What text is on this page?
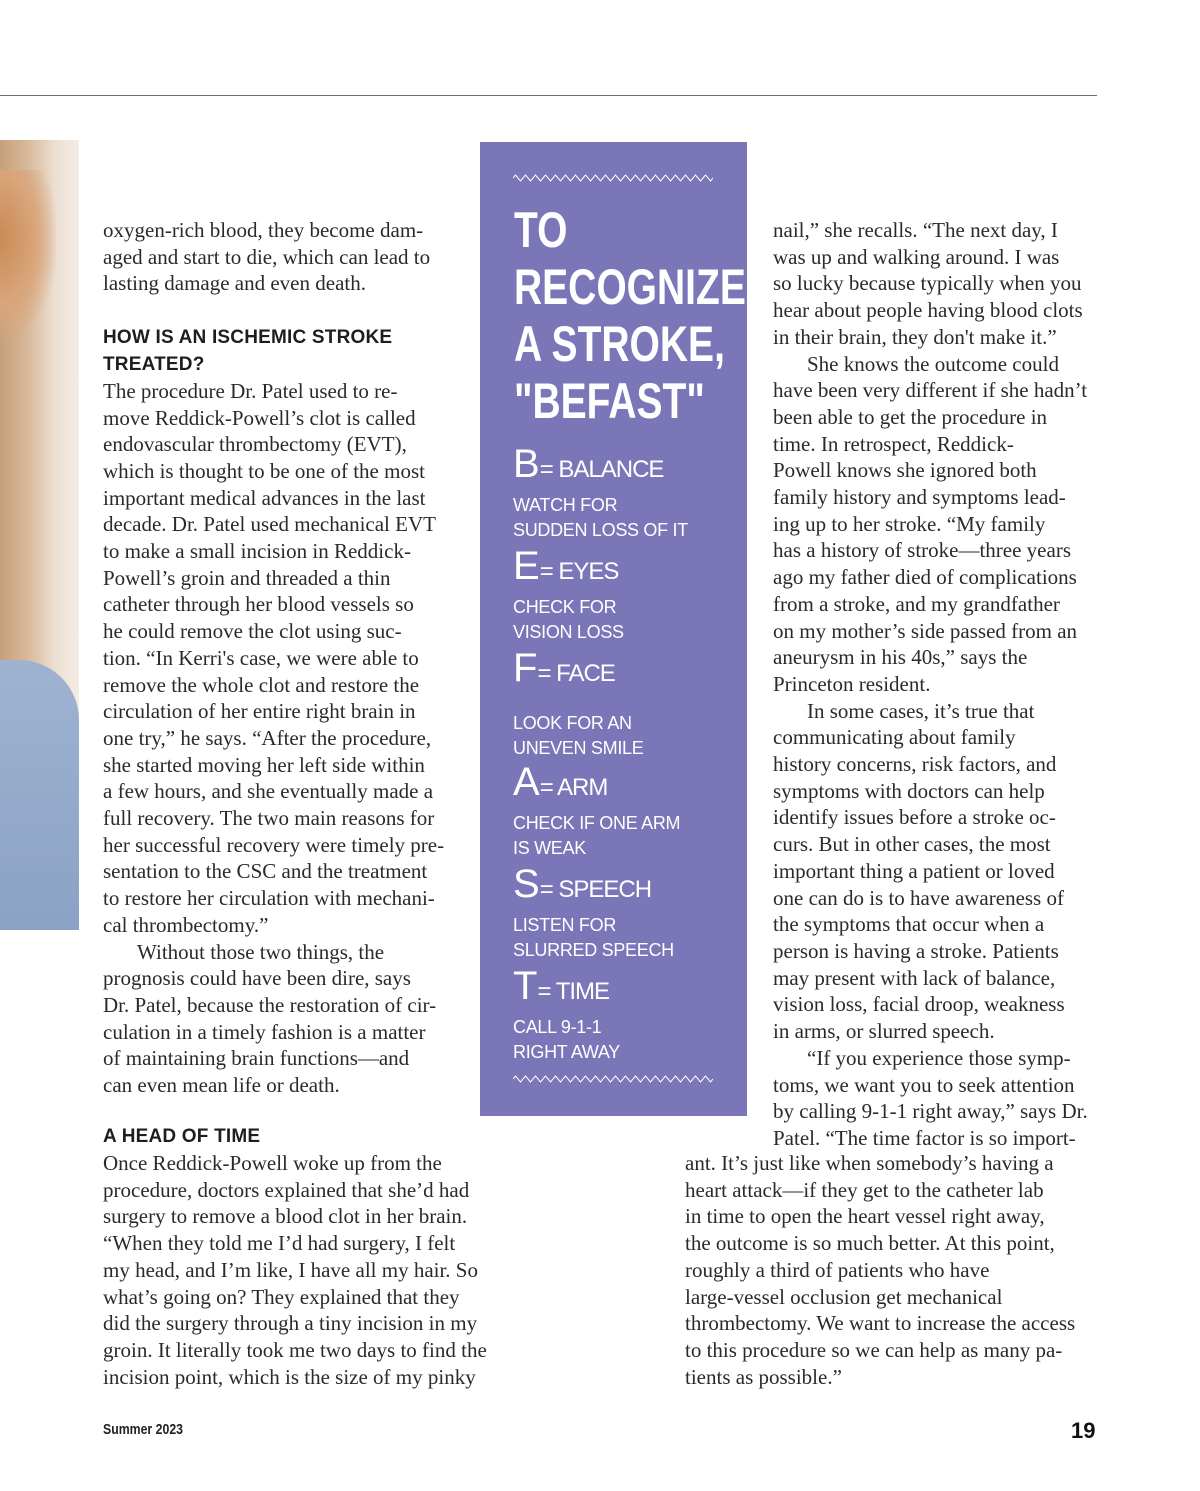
oxygen-rich blood, they become dam-

aged and start to die, which can lead to

lasting damage and even death.

HOW IS AN ISCHEMIC STROKE

TREATED?

The procedure Dr. Patel used to re-

move Reddick-Powell’s clot is called

endovascular thrombectomy (EVT),

which is thought to be one of the most

important medical advances in the last

decade. Dr. Patel used mechanical EVT

to make a small incision in Reddick-

Powell’s groin and threaded a thin

catheter through her blood vessels so

he could remove the clot using suc-

tion. “In Kerri's case, we were able to

remove the whole clot and restore the

circulation of her entire right brain in

one try,” he says. “After the procedure,

she started moving her left side within

a few hours, and she eventually made a

full recovery. The two main reasons for

her successful recovery were timely pre-

sentation to the CSC and the treatment

to restore her circulation with mechani-

cal thrombectomy.”

Without those two things, the

prognosis could have been dire, says

Dr. Patel, because the restoration of cir-

culation in a timely fashion is a matter

of maintaining brain functions—and

can even mean life or death.

A HEAD OF TIME

Once Reddick-Powell woke up from the

procedure, doctors explained that she’d had

surgery to remove a blood clot in her brain.

“When they told me I’d had surgery, I felt

my head, and I’m like, I have all my hair. So

what’s going on? They explained that they

did the surgery through a tiny incision in my

groin. It literally took me two days to find the

incision point, which is the size of my pinky

TO
RECOGNIZE
A STROKE,
"BEFAST"
B= BALANCE
WATCH FOR
SUDDEN LOSS OF IT
E= EYES
CHECK FOR
VISION LOSS
F= FACE
LOOK FOR AN
UNEVEN SMILE
A= ARM
CHECK IF ONE ARM
IS WEAK
S= SPEECH
LISTEN FOR
SLURRED SPEECH
T= TIME
CALL 9-1-1
RIGHT AWAY

nail,” she recalls. “The next day, I

was up and walking around. I was

so lucky because typically when you

hear about people having blood clots

in their brain, they don't make it.”

She knows the outcome could

have been very different if she hadn’t

been able to get the procedure in

time. In retrospect, Reddick-

Powell knows she ignored both

family history and symptoms lead-

ing up to her stroke. “My family

has a history of stroke—three years

ago my father died of complications

from a stroke, and my grandfather

on my mother’s side passed from an

aneurysm in his 40s,” says the

Princeton resident.

In some cases, it’s true that

communicating about family

history concerns, risk factors, and

symptoms with doctors can help

identify issues before a stroke oc-

curs. But in other cases, the most

important thing a patient or loved

one can do is to have awareness of

the symptoms that occur when a

person is having a stroke. Patients

may present with lack of balance,

vision loss, facial droop, weakness

in arms, or slurred speech.

“If you experience those symp-

toms, we want you to seek attention

by calling 9-1-1 right away,” says Dr.

Patel. “The time factor is so import-

ant. It’s just like when somebody’s having a

heart attack—if they get to the catheter lab

in time to open the heart vessel right away,

the outcome is so much better. At this point,

roughly a third of patients who have

large-vessel occlusion get mechanical

thrombectomy. We want to increase the access

to this procedure so we can help as many pa-

tients as possible.”

Summer 2023	19
